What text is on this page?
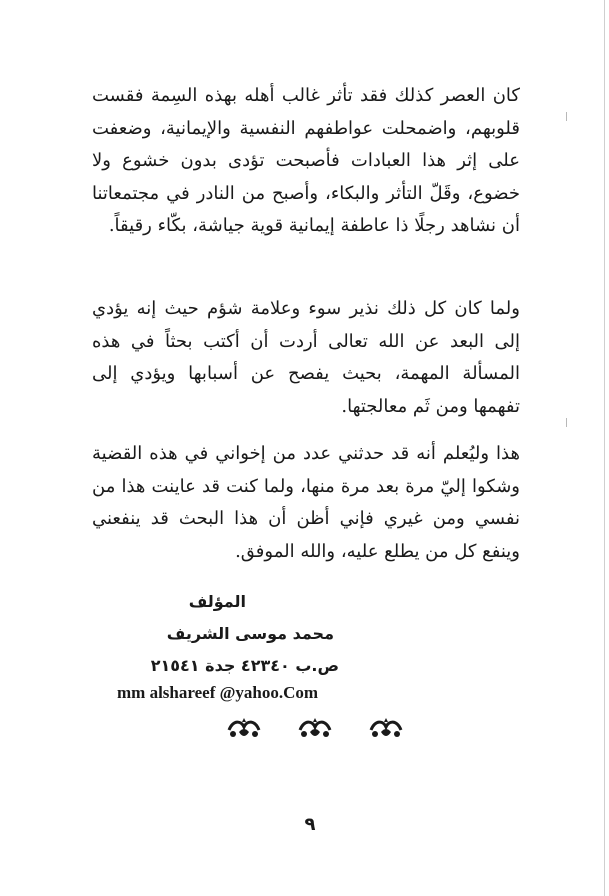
كان العصر كذلك فقد تأثر غالب أهله بهذه السِمة فقست قلوبهم، واضمحلت عواطفهم النفسية والإيمانية، وضعفت على إثر هذا العبادات فأصبحت تؤدى بدون خشوع ولا خضوع، وقَلّ التأثر والبكاء، وأصبح من النادر في مجتمعاتنا أن نشاهد رجلًا ذا عاطفة إيمانية قوية جياشة، بكّاء رقيقاً.

ولما كان كل ذلك نذير سوء وعلامة شؤم حيث إنه يؤدي إلى البعد عن الله تعالى أردت أن أكتب بحثاً في هذه المسألة المهمة، بحيث يفصح عن أسبابها ويؤدي إلى تفهمها ومن ثَم معالجتها.

هذا وليُعلم أنه قد حدثني عدد من إخواني في هذه القضية وشكوا إليّ مرة بعد مرة منها، ولما كنت قد عاينت هذا من نفسي ومن غيري فإني أظن أن هذا البحث قد ينفعني وينفع كل من يطلع عليه، والله الموفق.

المؤلف
محمد موسى الشريف
ص.ب ٤٢٣٤٠ جدة ٢١٥٤١
mm alshareef @yahoo.Com
٩
